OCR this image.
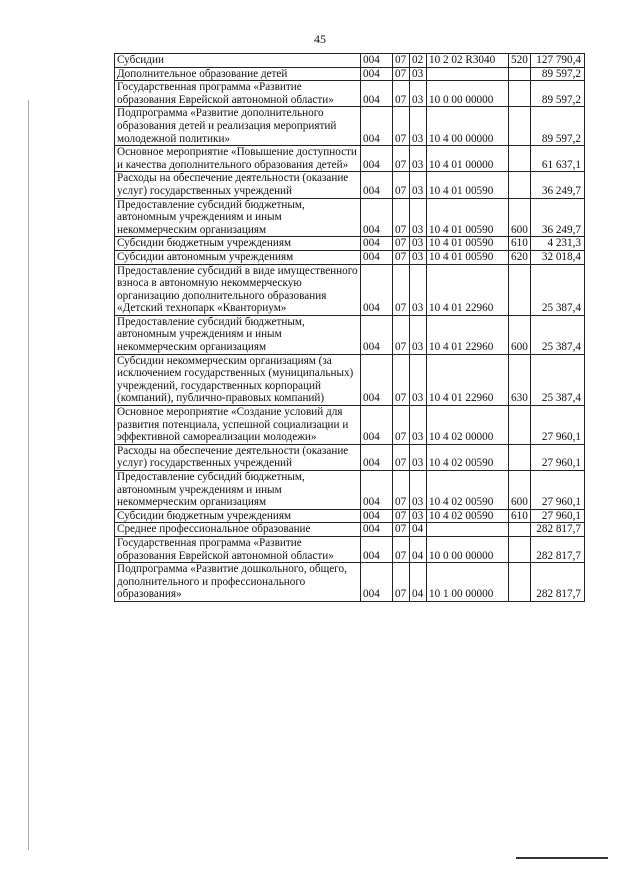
45
Субсидии	004	07	02	10 2 02 R3040	520	127 790,4
Дополнительное образование детей	004	07	03			89 597,2
Государственная программа «Развитие образования Еврейской автономной области»	004	07	03	10 0 00 00000		89 597,2
Подпрограмма «Развитие дополнительного образования детей и реализация мероприятий молодежной политики»	004	07	03	10 4 00 00000		89 597,2
Основное мероприятие «Повышение доступности и качества дополнительного образования детей»	004	07	03	10 4 01 00000		61 637,1
Расходы на обеспечение деятельности (оказание услуг) государственных учреждений	004	07	03	10 4 01 00590		36 249,7
Предоставление субсидий бюджетным, автономным учреждениям и иным некоммерческим организациям	004	07	03	10 4 01 00590	600	36 249,7
Субсидии бюджетным учреждениям	004	07	03	10 4 01 00590	610	4 231,3
Субсидии автономным учреждениям	004	07	03	10 4 01 00590	620	32 018,4
Предоставление субсидий в виде имущественного взноса в автономную некоммерческую организацию дополнительного образования «Детский технопарк «Кванториум»	004	07	03	10 4 01 22960		25 387,4
Предоставление субсидий бюджетным, автономным учреждениям и иным некоммерческим организациям	004	07	03	10 4 01 22960	600	25 387,4
Субсидии некоммерческим организациям (за исключением государственных (муниципальных) учреждений, государственных корпораций (компаний), публично-правовых компаний)	004	07	03	10 4 01 22960	630	25 387,4
Основное мероприятие «Создание условий для развития потенциала, успешной социализации и эффективной самореализации молодежи»	004	07	03	10 4 02 00000		27 960,1
Расходы на обеспечение деятельности (оказание услуг) государственных учреждений	004	07	03	10 4 02 00590		27 960,1
Предоставление субсидий бюджетным, автономным учреждениям и иным некоммерческим организациям	004	07	03	10 4 02 00590	600	27 960,1
Субсидии бюджетным учреждениям	004	07	03	10 4 02 00590	610	27 960,1
Среднее профессиональное образование	004	07	04			282 817,7
Государственная программа «Развитие образования Еврейской автономной области»	004	07	04	10 0 00 00000		282 817,7
Подпрограмма «Развитие дошкольного, общего, дополнительного и профессионального образования»	004	07	04	10 1 00 00000		282 817,7
